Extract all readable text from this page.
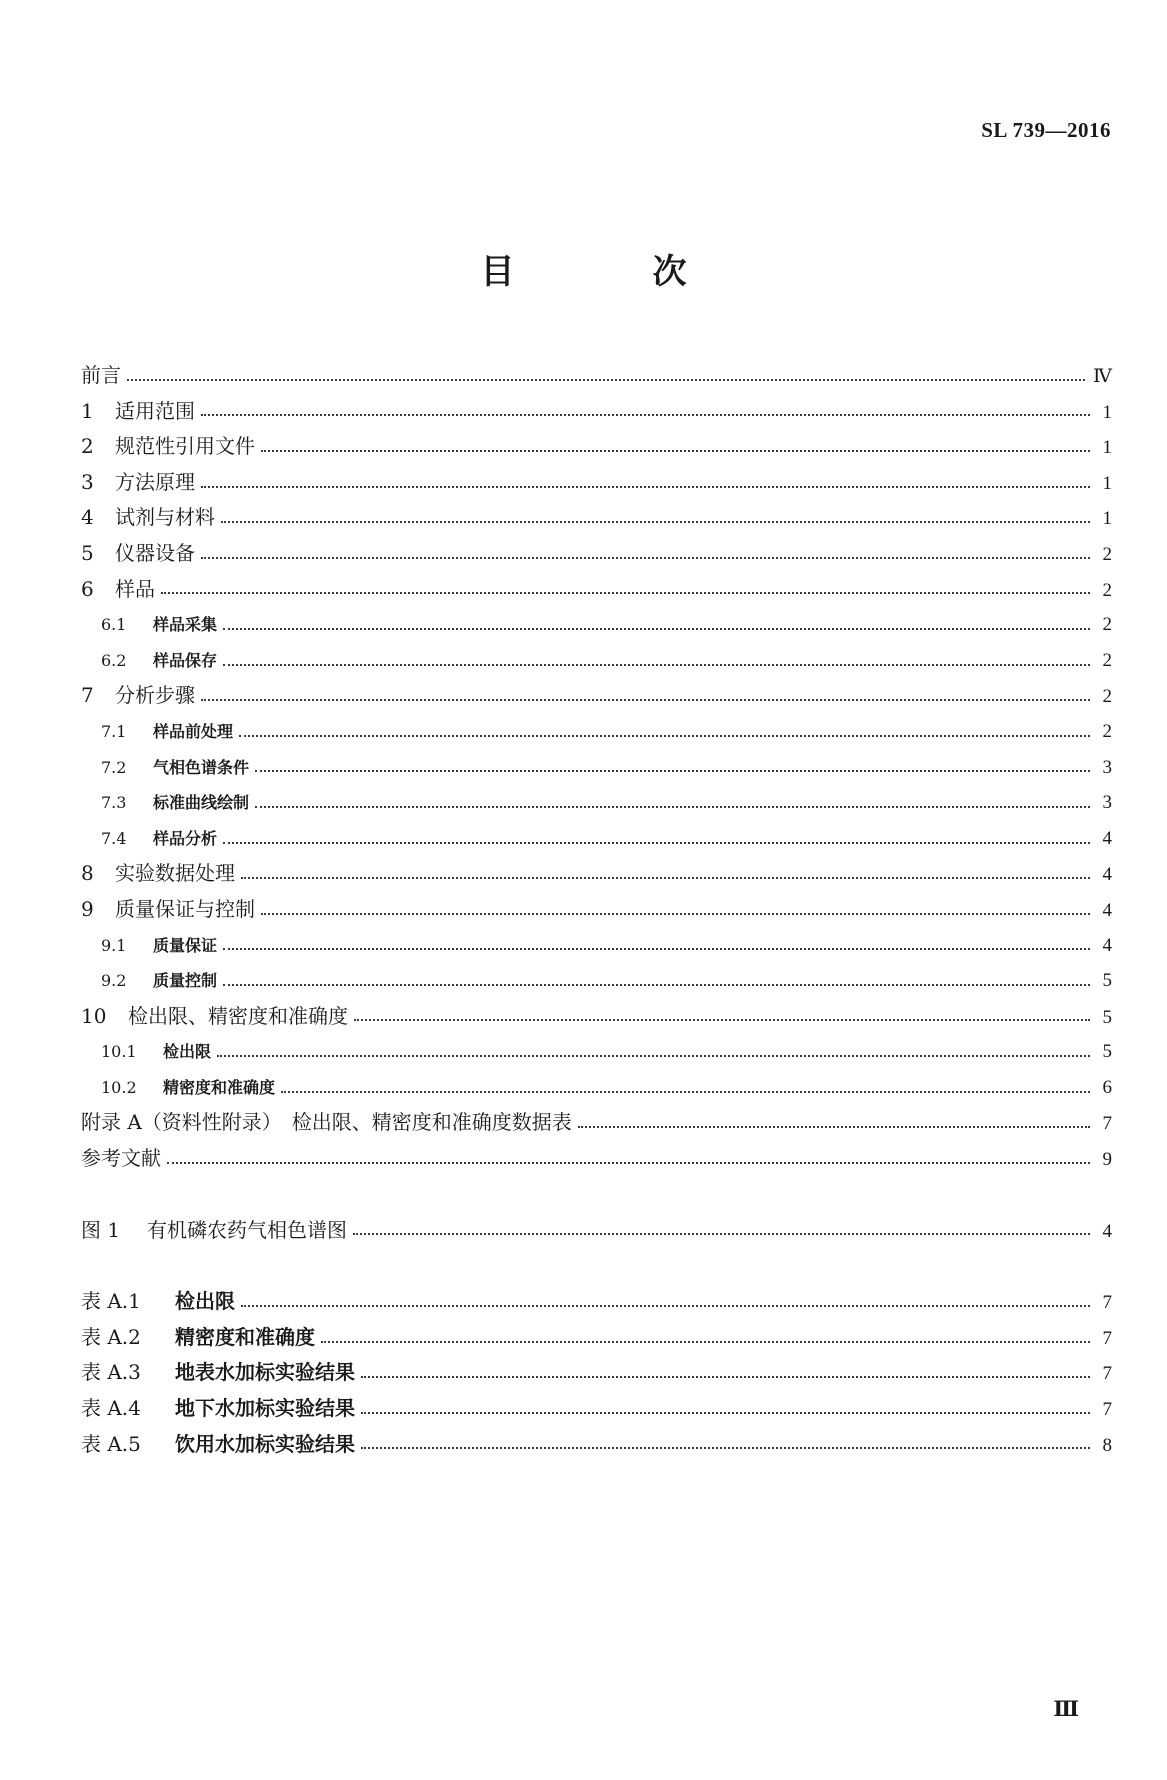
SL 739—2016
目　次
前言	Ⅳ
1	适用范围	1
2	规范性引用文件	1
3	方法原理	1
4	试剂与材料	1
5	仪器设备	2
6	样品	2
6.1	样品采集	2
6.2	样品保存	2
7	分析步骤	2
7.1	样品前处理	2
7.2	气相色谱条件	3
7.3	标准曲线绘制	3
7.4	样品分析	4
8	实验数据处理	4
9	质量保证与控制	4
9.1	质量保证	4
9.2	质量控制	5
10	检出限、精密度和准确度	5
10.1	检出限	5
10.2	精密度和准确度	6
附录 A（资料性附录）　检出限、精密度和准确度数据表	7
参考文献	9
图 1	有机磷农药气相色谱图	4
表 A.1	检出限	7
表 A.2	精密度和准确度	7
表 A.3	地表水加标实验结果	7
表 A.4	地下水加标实验结果	7
表 A.5	饮用水加标实验结果	8
Ⅲ
